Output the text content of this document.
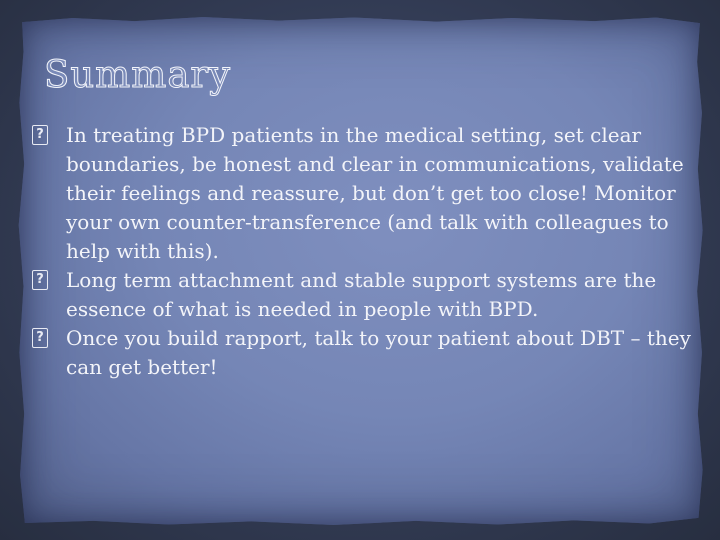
Summary
? In treating BPD patients in the medical setting, set clear boundaries, be honest and clear in communications, validate their feelings and reassure, but don’t get too close! Monitor your own counter-transference (and talk with colleagues to help with this).
? Long term attachment and stable support systems are the essence of what is needed in people with BPD.
? Once you build rapport, talk to your patient about DBT – they can get better!
